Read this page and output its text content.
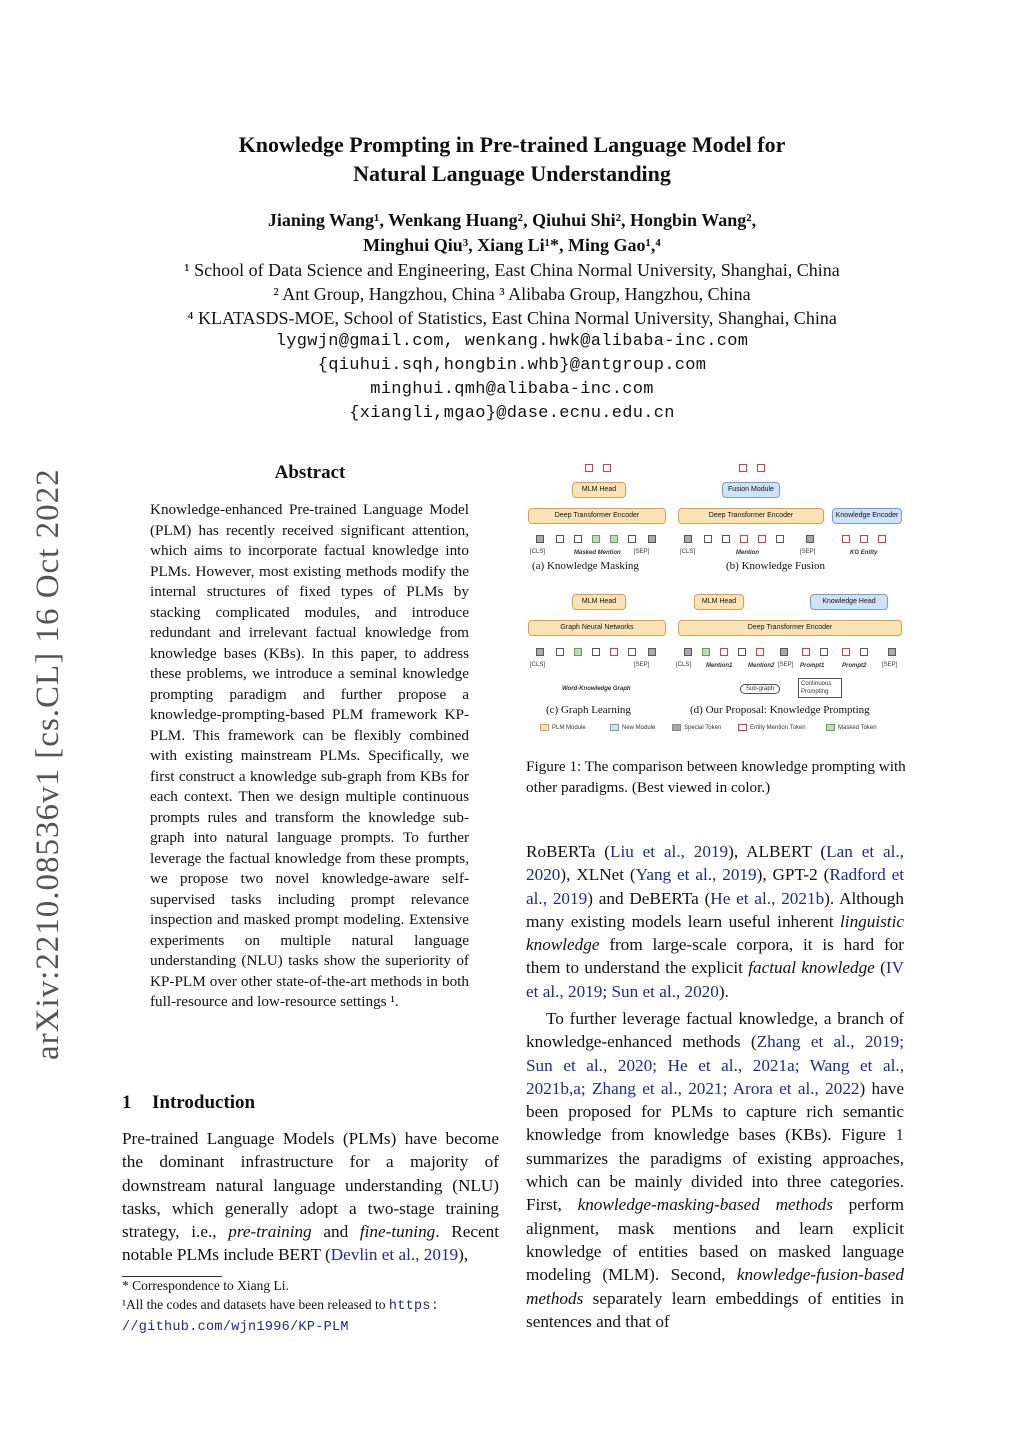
arXiv:2210.08536v1 [cs.CL] 16 Oct 2022
Knowledge Prompting in Pre-trained Language Model for
Natural Language Understanding
Jianing Wang¹, Wenkang Huang², Qiuhui Shi², Hongbin Wang²,
Minghui Qiu³, Xiang Li¹*, Ming Gao¹,⁴
¹ School of Data Science and Engineering, East China Normal University, Shanghai, China
² Ant Group, Hangzhou, China ³ Alibaba Group, Hangzhou, China
⁴ KLATASDS-MOE, School of Statistics, East China Normal University, Shanghai, China
lygwjn@gmail.com, wenkang.hwk@alibaba-inc.com
{qiuhui.sqh,hongbin.whb}@antgroup.com
minghui.qmh@alibaba-inc.com
{xiangli,mgao}@dase.ecnu.edu.cn
Abstract
Knowledge-enhanced Pre-trained Language Model (PLM) has recently received significant attention, which aims to incorporate factual knowledge into PLMs. However, most existing methods modify the internal structures of fixed types of PLMs by stacking complicated modules, and introduce redundant and irrelevant factual knowledge from knowledge bases (KBs). In this paper, to address these problems, we introduce a seminal knowledge prompting paradigm and further propose a knowledge-prompting-based PLM framework KP-PLM. This framework can be flexibly combined with existing mainstream PLMs. Specifically, we first construct a knowledge sub-graph from KBs for each context. Then we design multiple continuous prompts rules and transform the knowledge sub-graph into natural language prompts. To further leverage the factual knowledge from these prompts, we propose two novel knowledge-aware self-supervised tasks including prompt relevance inspection and masked prompt modeling. Extensive experiments on multiple natural language understanding (NLU) tasks show the superiority of KP-PLM over other state-of-the-art methods in both full-resource and low-resource settings ¹.
1 Introduction
Pre-trained Language Models (PLMs) have become the dominant infrastructure for a majority of downstream natural language understanding (NLU) tasks, which generally adopt a two-stage training strategy, i.e., pre-training and fine-tuning. Recent notable PLMs include BERT (Devlin et al., 2019),
* Correspondence to Xiang Li.
¹All the codes and datasets have been released to https:
//github.com/wjn1996/KP-PLM
MLM Head
Deep Transformer Encoder
[CLS]	Masked Mention [SEP]
(a) Knowledge Masking
Fusion Module
Deep Transformer Encoder	Knowledge Encoder
[CLS]	Mention	[SEP]	KG Entity
(b) Knowledge Fusion
MLM Head
Graph Neural Networks
[CLS]	[SEP]
Word-Knowledge Graph
(c) Graph Learning
MLM Head	Knowledge Head
Deep Transformer Encoder
[CLS] Mention1	Mention2 [SEP] Prompt1	Prompt2	[SEP]
Sub-graph
Continuous Prompting
(d) Our Proposal: Knowledge Prompting
PLM Module	New Module	Special Token	Entity Mention Token	Masked Token
Figure 1: The comparison between knowledge prompting with other paradigms. (Best viewed in color.)
RoBERTa (Liu et al., 2019), ALBERT (Lan et al., 2020), XLNet (Yang et al., 2019), GPT-2 (Radford et al., 2019) and DeBERTa (He et al., 2021b). Although many existing models learn useful inherent linguistic knowledge from large-scale corpora, it is hard for them to understand the explicit factual knowledge (IV et al., 2019; Sun et al., 2020).
To further leverage factual knowledge, a branch of knowledge-enhanced methods (Zhang et al., 2019; Sun et al., 2020; He et al., 2021a; Wang et al., 2021b,a; Zhang et al., 2021; Arora et al., 2022) have been proposed for PLMs to capture rich semantic knowledge from knowledge bases (KBs). Figure 1 summarizes the paradigms of existing approaches, which can be mainly divided into three categories. First, knowledge-masking-based methods perform alignment, mask mentions and learn explicit knowledge of entities based on masked language modeling (MLM). Second, knowledge-fusion-based methods separately learn embeddings of entities in sentences and that of
